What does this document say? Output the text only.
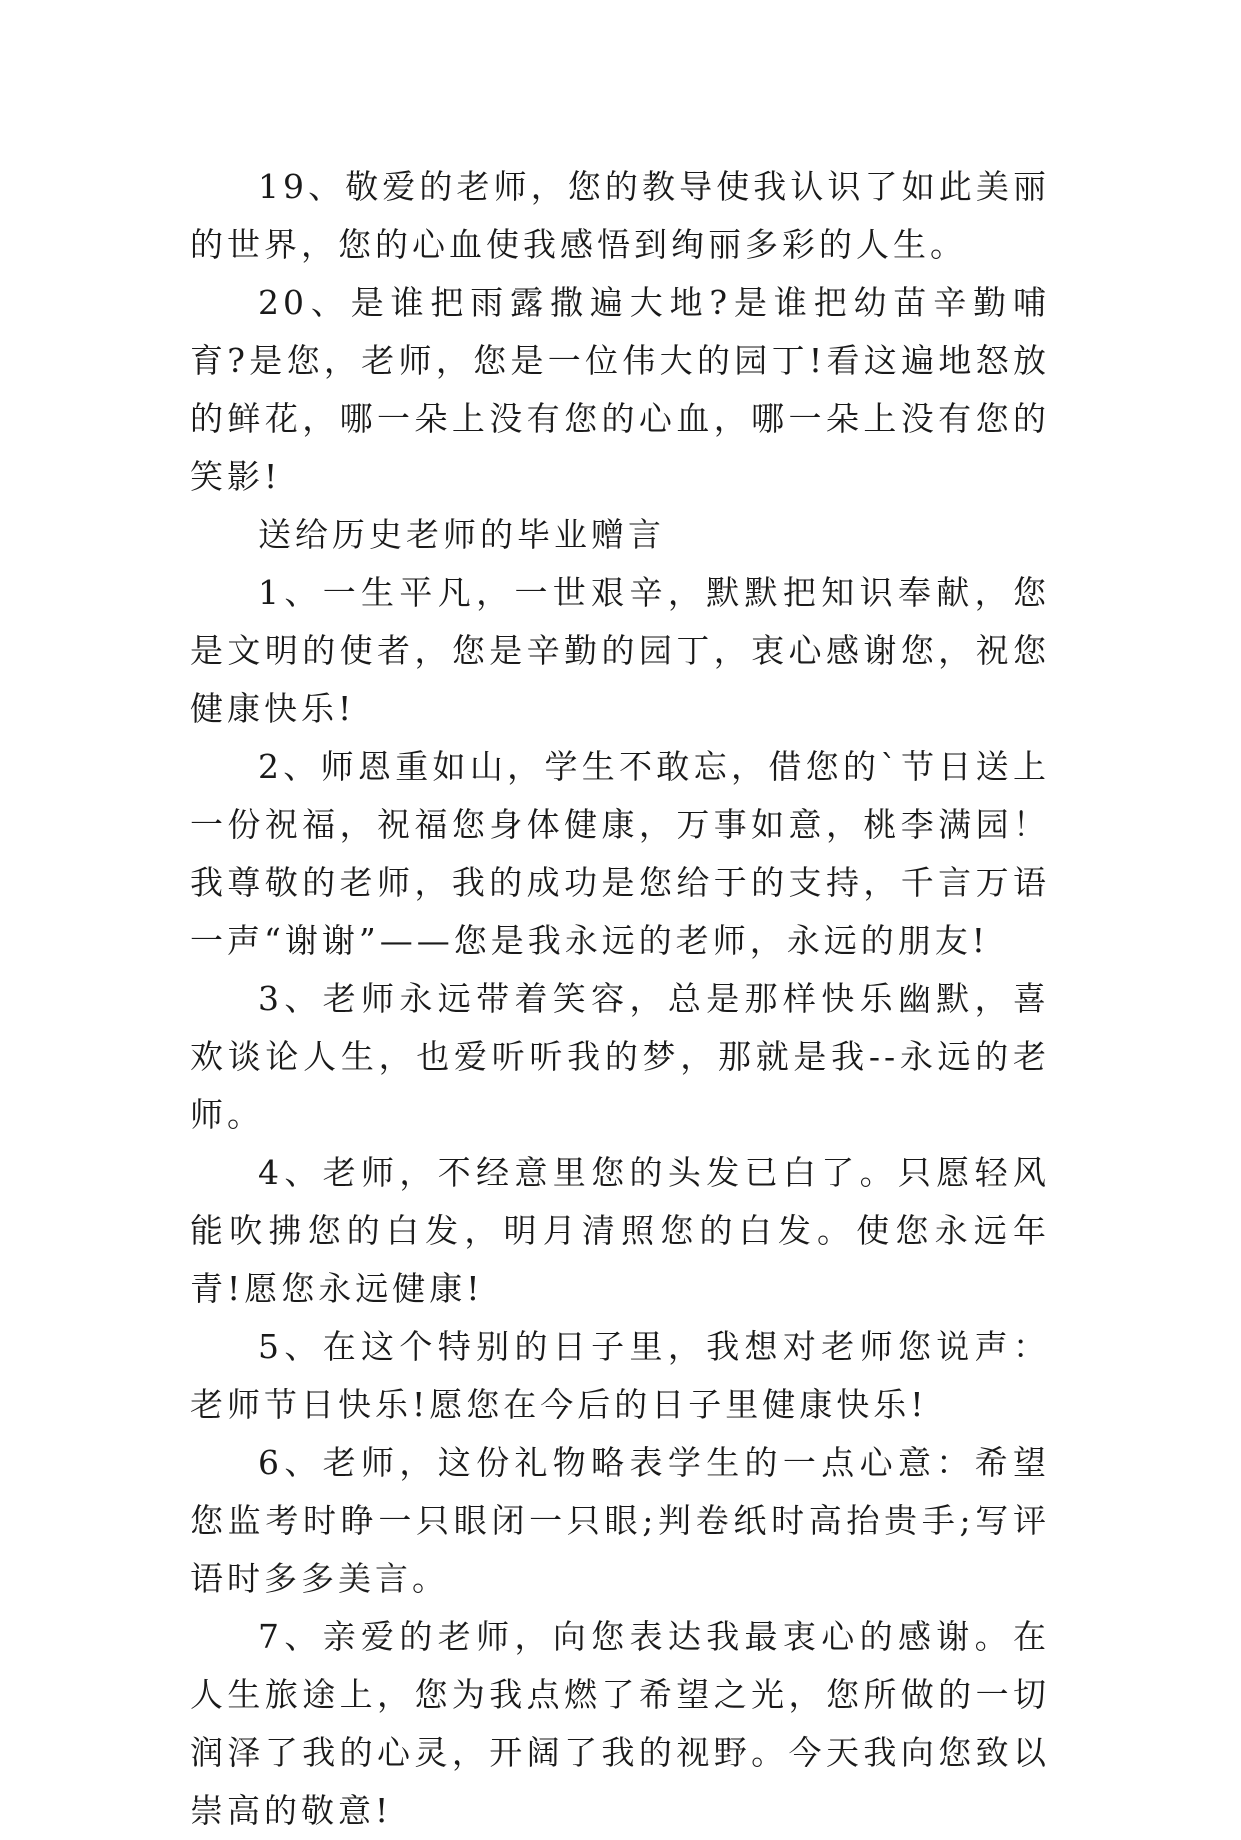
19、敬爱的老师，您的教导使我认识了如此美丽的世界，您的心血使我感悟到绚丽多彩的人生。

20、是谁把雨露撒遍大地?是谁把幼苗辛勤哺育?是您，老师，您是一位伟大的园丁!看这遍地怒放的鲜花，哪一朵上没有您的心血，哪一朵上没有您的笑影!

送给历史老师的毕业赠言

1、一生平凡，一世艰辛，默默把知识奉献，您是文明的使者，您是辛勤的园丁，衷心感谢您，祝您健康快乐!

2、师恩重如山，学生不敢忘，借您的`节日送上一份祝福，祝福您身体健康，万事如意，桃李满园！我尊敬的老师，我的成功是您给于的支持，千言万语一声“谢谢”——您是我永远的老师，永远的朋友!

3、老师永远带着笑容，总是那样快乐幽默，喜欢谈论人生，也爱听听我的梦，那就是我--永远的老师。

4、老师，不经意里您的头发已白了。只愿轻风能吹拂您的白发，明月清照您的白发。使您永远年青!愿您永远健康!

5、在这个特别的日子里，我想对老师您说声：老师节日快乐!愿您在今后的日子里健康快乐!

6、老师，这份礼物略表学生的一点心意：希望您监考时睁一只眼闭一只眼;判卷纸时高抬贵手;写评语时多多美言。

7、亲爱的老师，向您表达我最衷心的感谢。在人生旅途上，您为我点燃了希望之光，您所做的一切润泽了我的心灵，开阔了我的视野。今天我向您致以崇高的敬意!
